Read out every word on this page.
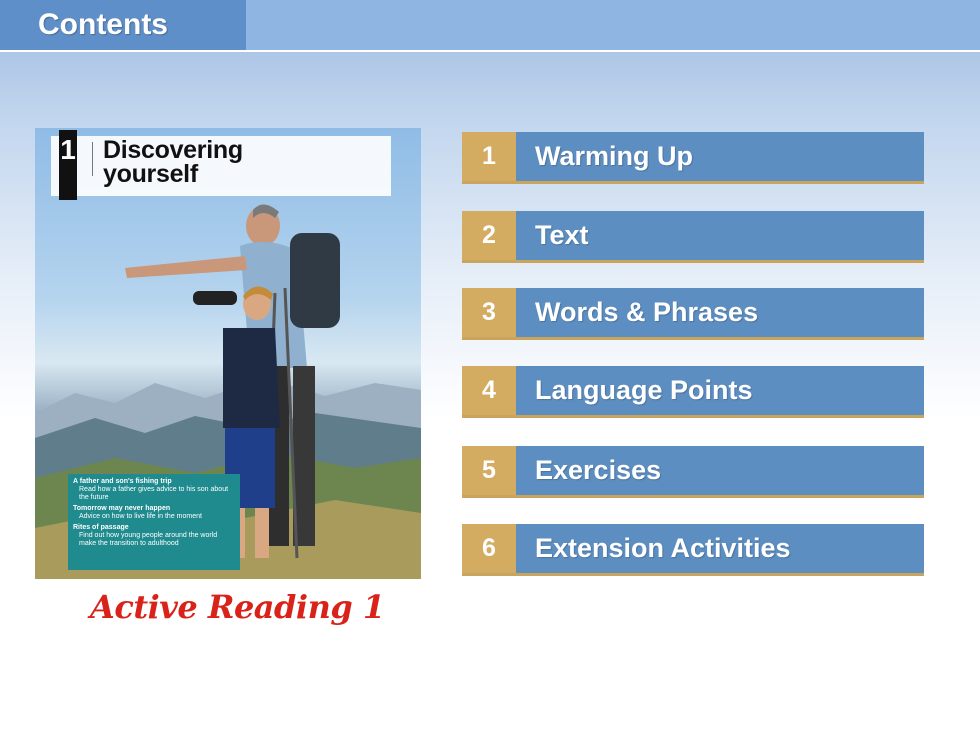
Contents
1 Discovering
yourself
A father and son's fishing trip
Read how a father gives advice to his son about the future
Tomorrow may never happen
Advice on how to live life in the moment
Rites of passage
Find out how young people around the world make the transition to adulthood
Active Reading 1
1	Warming Up
2	Text
3	Words & Phrases
4	Language Points
5	Exercises
6	Extension Activities
